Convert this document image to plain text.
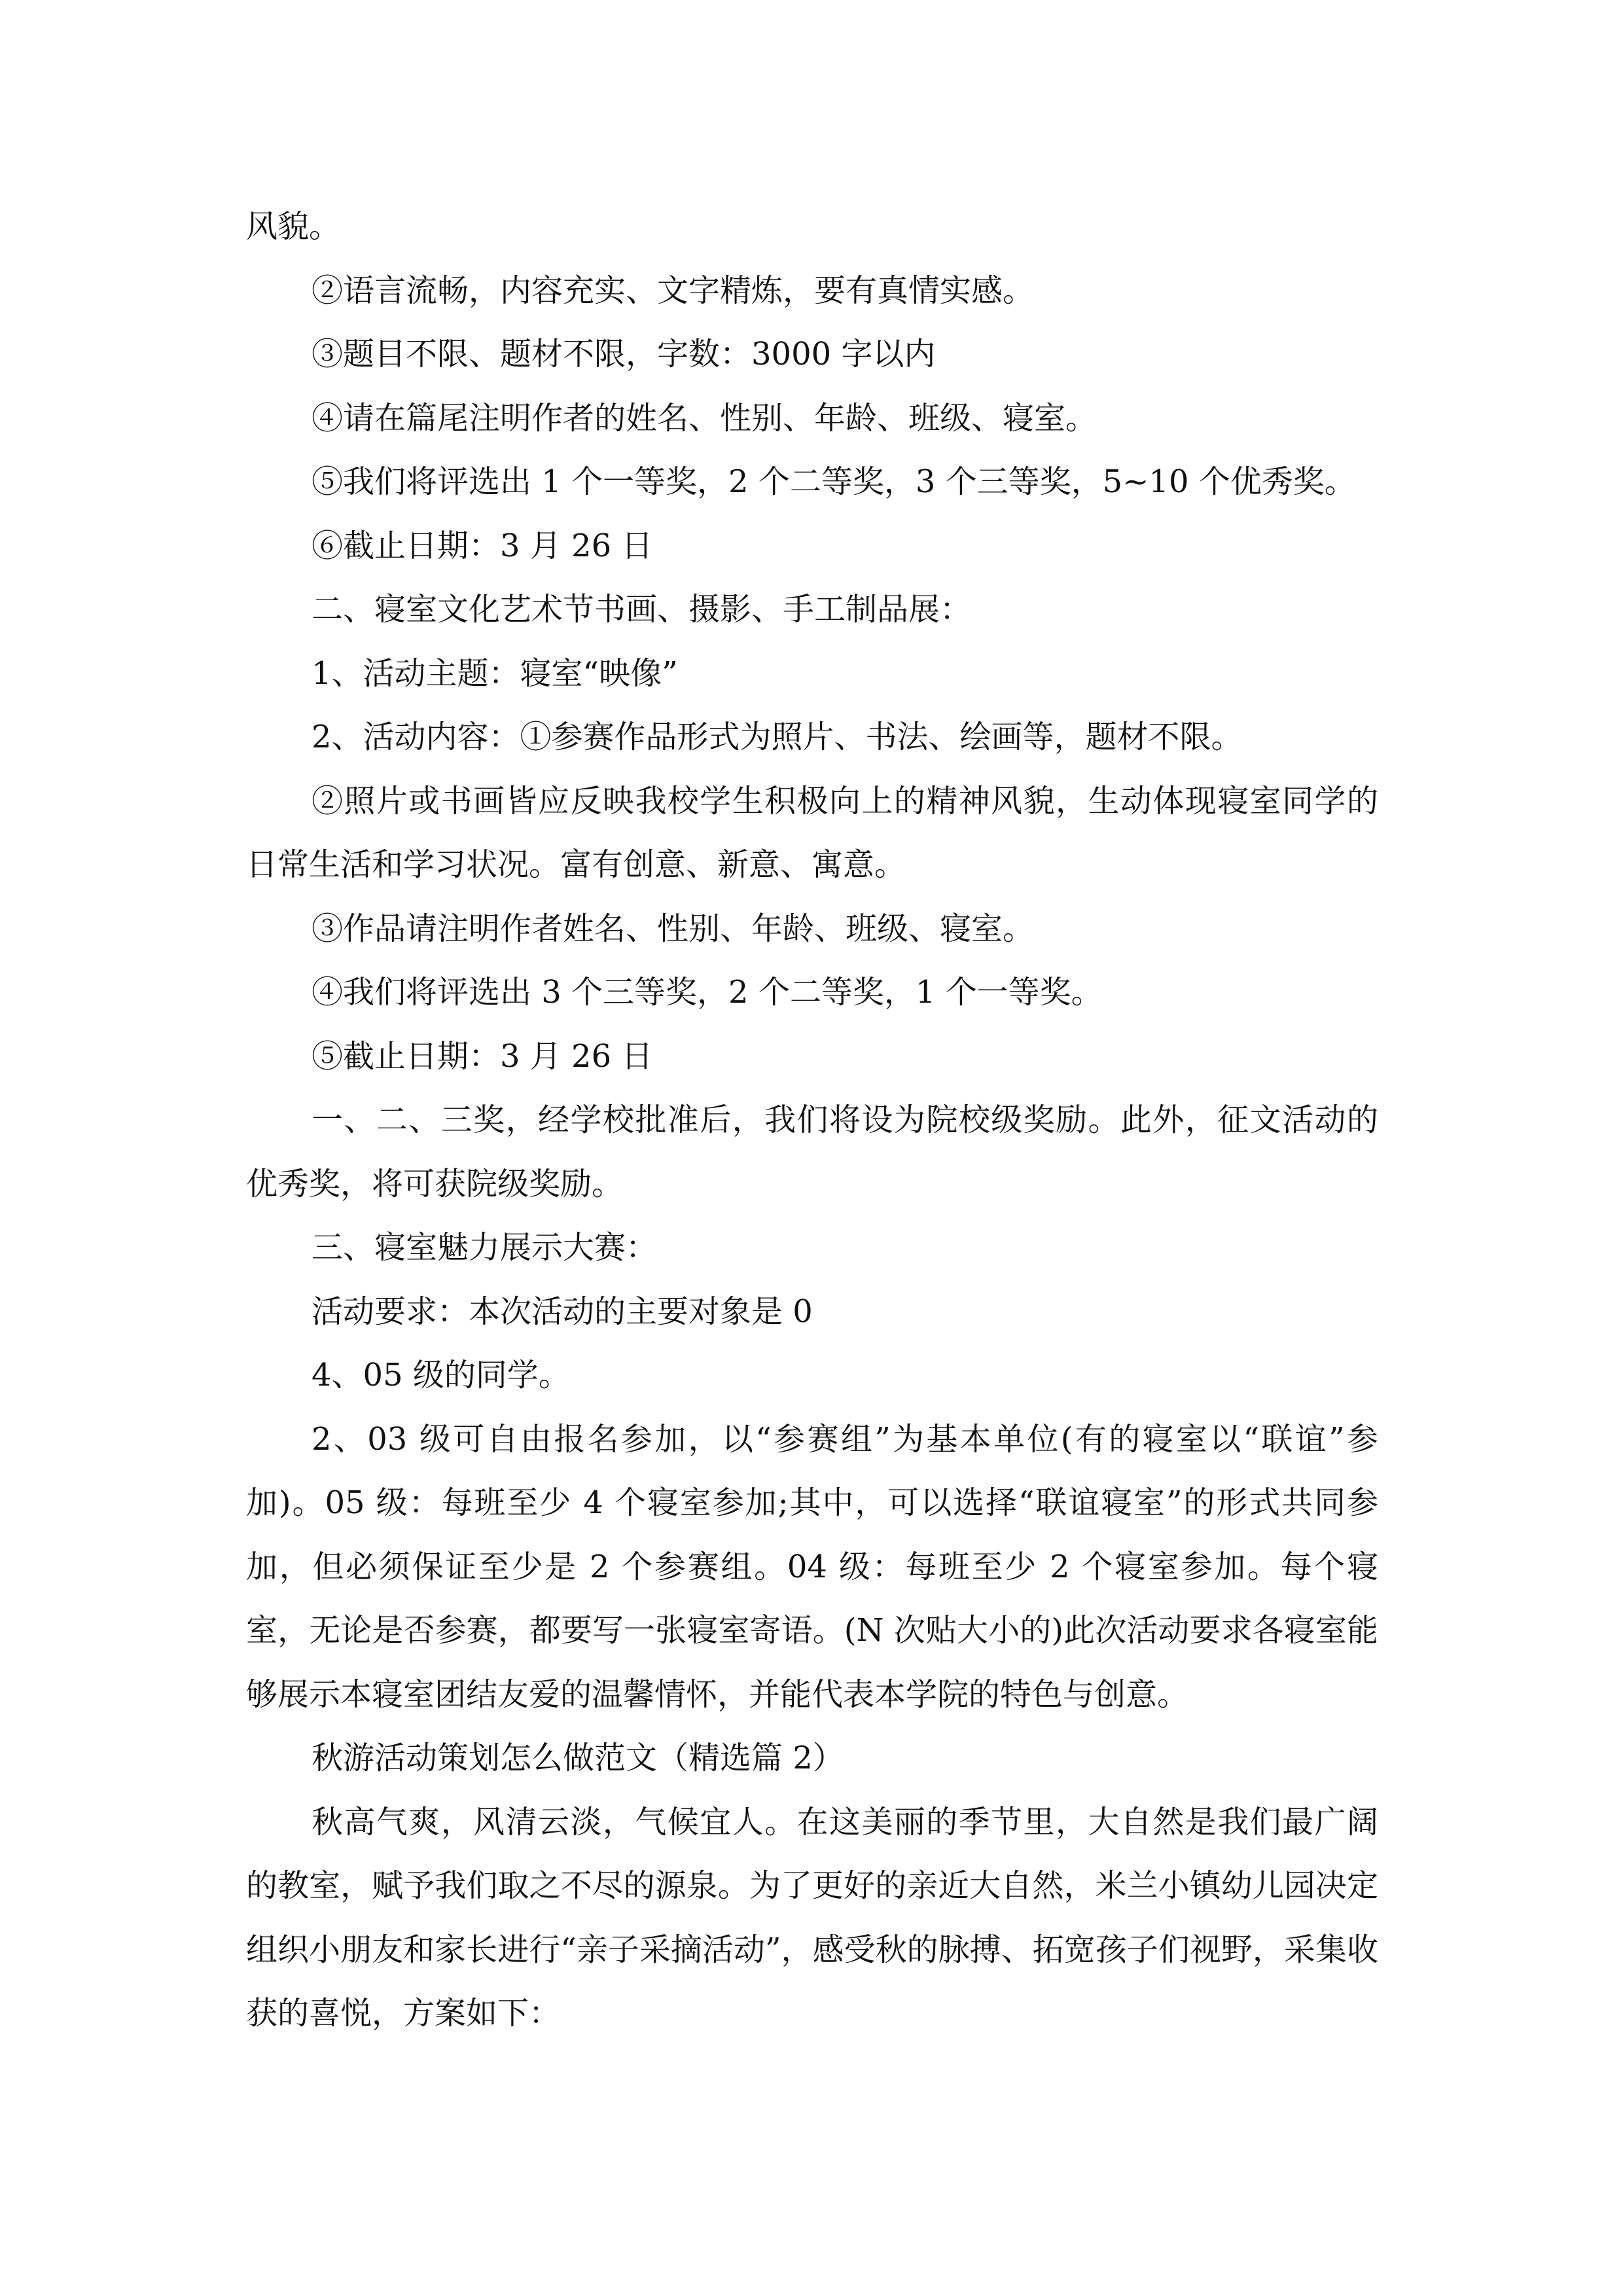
风貌。

②语言流畅，内容充实、文字精炼，要有真情实感。

③题目不限、题材不限，字数：3000 字以内

④请在篇尾注明作者的姓名、性别、年龄、班级、寝室。

⑤我们将评选出 1 个一等奖，2 个二等奖，3 个三等奖，5~10 个优秀奖。

⑥截止日期：3 月 26 日

二、寝室文化艺术节书画、摄影、手工制品展：

1、活动主题：寝室“映像”

2、活动内容：①参赛作品形式为照片、书法、绘画等，题材不限。

②照片或书画皆应反映我校学生积极向上的精神风貌，生动体现寝室同学的日常生活和学习状况。富有创意、新意、寓意。

③作品请注明作者姓名、性别、年龄、班级、寝室。

④我们将评选出 3 个三等奖，2 个二等奖，1 个一等奖。

⑤截止日期：3 月 26 日

一、二、三奖，经学校批准后，我们将设为院校级奖励。此外，征文活动的优秀奖，将可获院级奖励。

三、寝室魅力展示大赛：

活动要求：本次活动的主要对象是 0

4、05 级的同学。

2、03 级可自由报名参加，以“参赛组”为基本单位(有的寝室以“联谊”参加)。05 级：每班至少 4 个寝室参加;其中，可以选择“联谊寝室”的形式共同参加，但必须保证至少是 2 个参赛组。04 级：每班至少 2 个寝室参加。每个寝室，无论是否参赛，都要写一张寝室寄语。(N 次贴大小的)此次活动要求各寝室能够展示本寝室团结友爱的温馨情怀，并能代表本学院的特色与创意。

秋游活动策划怎么做范文（精选篇 2）

秋高气爽，风清云淡，气候宜人。在这美丽的季节里，大自然是我们最广阔的教室，赋予我们取之不尽的源泉。为了更好的亲近大自然，米兰小镇幼儿园决定组织小朋友和家长进行“亲子采摘活动”，感受秋的脉搏、拓宽孩子们视野，采集收获的喜悦，方案如下：
